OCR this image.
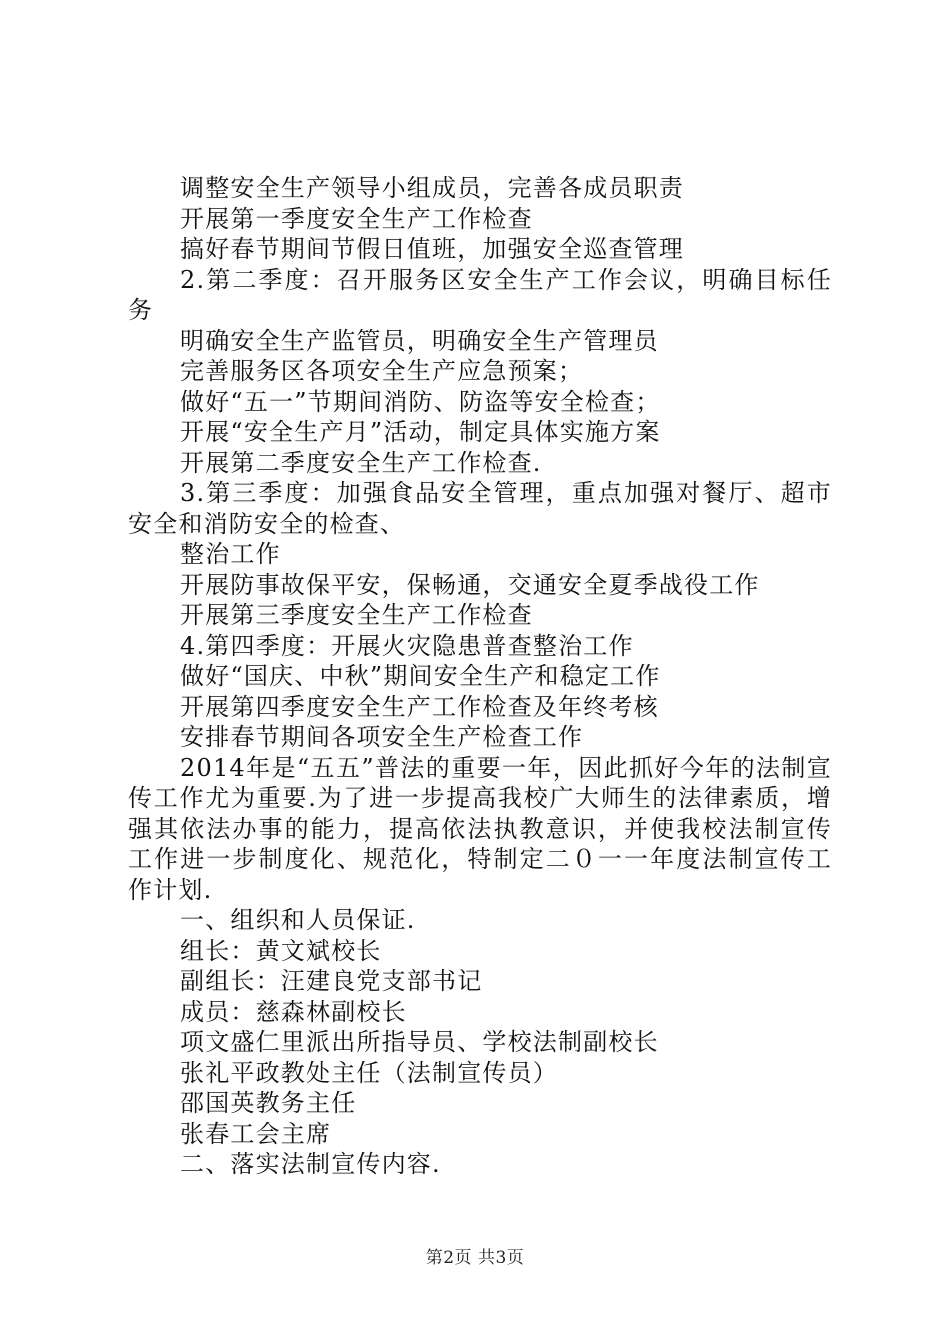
调整安全生产领导小组成员，完善各成员职责

开展第一季度安全生产工作检查

搞好春节期间节假日值班，加强安全巡查管理

2.第二季度：召开服务区安全生产工作会议，明确目标任务

明确安全生产监管员，明确安全生产管理员

完善服务区各项安全生产应急预案；

做好“五一”节期间消防、防盗等安全检查；

开展“安全生产月”活动，制定具体实施方案

开展第二季度安全生产工作检查.

3.第三季度：加强食品安全管理，重点加强对餐厅、超市安全和消防安全的检查、

整治工作

开展防事故保平安，保畅通，交通安全夏季战役工作

开展第三季度安全生产工作检查

4.第四季度：开展火灾隐患普查整治工作

做好“国庆、中秋”期间安全生产和稳定工作

开展第四季度安全生产工作检查及年终考核

安排春节期间各项安全生产检查工作

2014年是“五五”普法的重要一年，因此抓好今年的法制宣传工作尤为重要.为了进一步提高我校广大师生的法律素质，增强其依法办事的能力，提高依法执教意识，并使我校法制宣传工作进一步制度化、规范化，特制定二０一一年度法制宣传工作计划.

一、组织和人员保证.

组长：黄文斌校长

副组长：汪建良党支部书记

成员：慈森林副校长

项文盛仁里派出所指导员、学校法制副校长

张礼平政教处主任（法制宣传员）

邵国英教务主任

张春工会主席

二、落实法制宣传内容.

第2页 共3页
